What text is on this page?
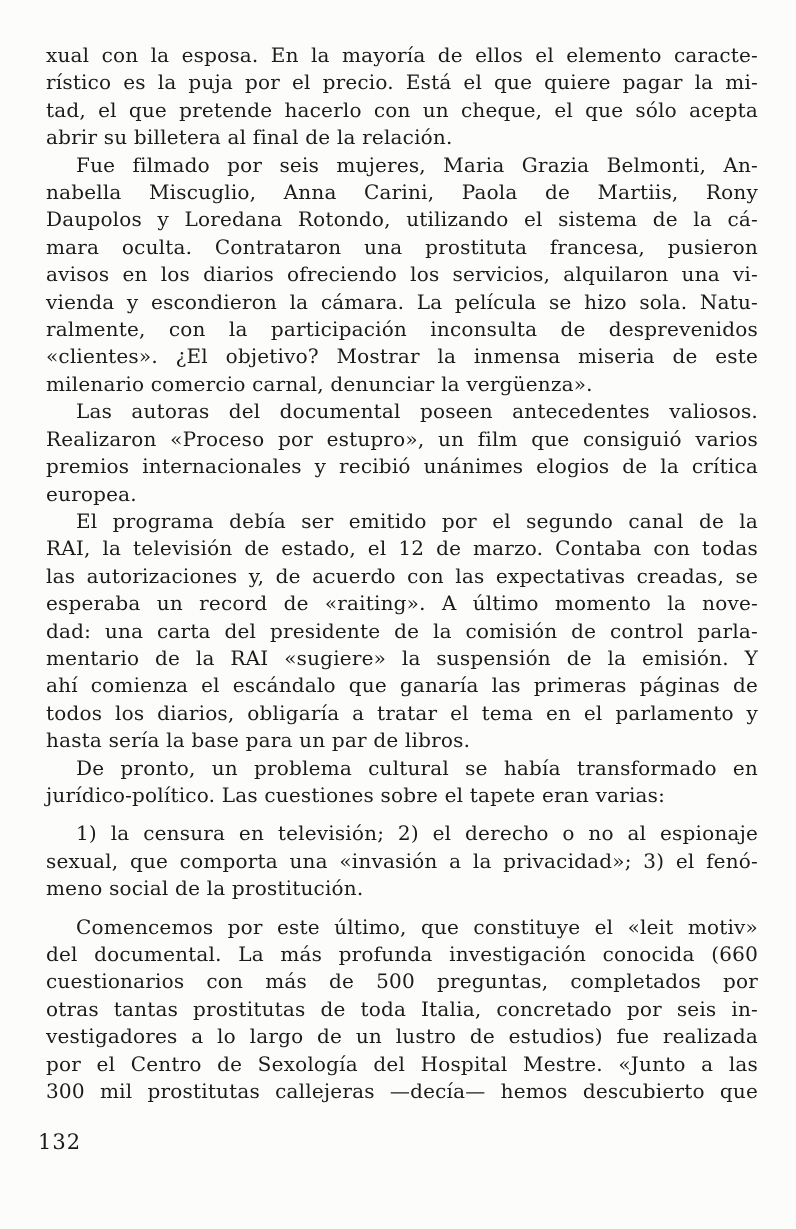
xual con la esposa. En la mayoría de ellos el elemento caracte-
rístico es la puja por el precio. Está el que quiere pagar la mi-
tad, el que pretende hacerlo con un cheque, el que sólo acepta
abrir su billetera al final de la relación.
Fue filmado por seis mujeres, Maria Grazia Belmonti, An-
nabella Miscuglio, Anna Carini, Paola de Martiis, Rony
Daupolos y Loredana Rotondo, utilizando el sistema de la cá-
mara oculta. Contrataron una prostituta francesa, pusieron
avisos en los diarios ofreciendo los servicios, alquilaron una vi-
vienda y escondieron la cámara. La película se hizo sola. Natu-
ralmente, con la participación inconsulta de desprevenidos
«clientes». ¿El objetivo? Mostrar la inmensa miseria de este
milenario comercio carnal, denunciar la vergüenza».
Las autoras del documental poseen antecedentes valiosos.
Realizaron «Proceso por estupro», un film que consiguió varios
premios internacionales y recibió unánimes elogios de la crítica
europea.
El programa debía ser emitido por el segundo canal de la
RAI, la televisión de estado, el 12 de marzo. Contaba con todas
las autorizaciones y, de acuerdo con las expectativas creadas, se
esperaba un record de «raiting». A último momento la nove-
dad: una carta del presidente de la comisión de control parla-
mentario de la RAI «sugiere» la suspensión de la emisión. Y
ahí comienza el escándalo que ganaría las primeras páginas de
todos los diarios, obligaría a tratar el tema en el parlamento y
hasta sería la base para un par de libros.
De pronto, un problema cultural se había transformado en
jurídico-político. Las cuestiones sobre el tapete eran varias:
1) la censura en televisión; 2) el derecho o no al espionaje
sexual, que comporta una «invasión a la privacidad»; 3) el fenó-
meno social de la prostitución.
Comencemos por este último, que constituye el «leit motiv»
del documental. La más profunda investigación conocida (660
cuestionarios con más de 500 preguntas, completados por
otras tantas prostitutas de toda Italia, concretado por seis in-
vestigadores a lo largo de un lustro de estudios) fue realizada
por el Centro de Sexología del Hospital Mestre. «Junto a las
300 mil prostitutas callejeras —decía— hemos descubierto que
132
